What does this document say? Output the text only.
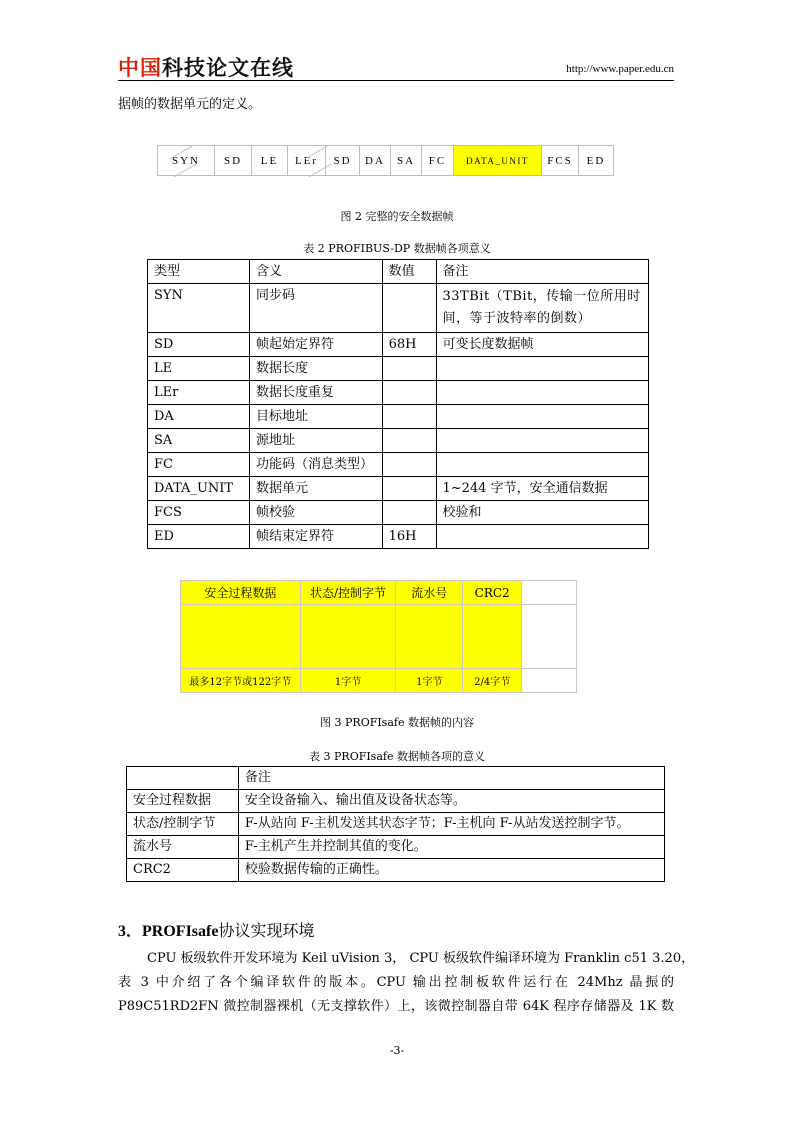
中国科技论文在线	http://www.paper.edu.cn
据帧的数据单元的定义。
SYN	SD	LE	LEr	SD	DA	SA	FC	DATA_UNIT	FCS	ED
图 2 完整的安全数据帧
表 2 PROFIBUS-DP 数据帧各项意义
类型	含义	数值	备注
SYN	同步码		33TBit（TBit，传输一位所用时间，等于波特率的倒数）
SD	帧起始定界符	68H	可变长度数据帧
LE	数据长度		
LEr	数据长度重复		
DA	目标地址		
SA	源地址		
FC	功能码（消息类型）		
DATA_UNIT	数据单元		1~244 字节，安全通信数据
FCS	帧校验		校验和
ED	帧结束定界符	16H	
安全过程数据	状态/控制字节	流水号	CRC2	

最多12字节或122字节	1字节	1字节	2/4字节	
图 3 PROFIsafe 数据帧的内容
表 3 PROFIsafe 数据帧各项的意义
	备注
安全过程数据	安全设备输入、输出值及设备状态等。
状态/控制字节	F-从站向 F-主机发送其状态字节；F-主机向 F-从站发送控制字节。
流水号	F-主机产生并控制其值的变化。
CRC2	校验数据传输的正确性。
3．PROFIsafe协议实现环境
CPU 板级软件开发环境为 Keil uVision 3， CPU 板级软件编译环境为 Franklin c51 3.20，
表 3 中介绍了各个编译软件的版本。CPU 输出控制板软件运行在 24Mhz 晶振的
P89C51RD2FN 微控制器裸机（无支撑软件）上，该微控制器自带 64K 程序存储器及 1K 数
-3-
